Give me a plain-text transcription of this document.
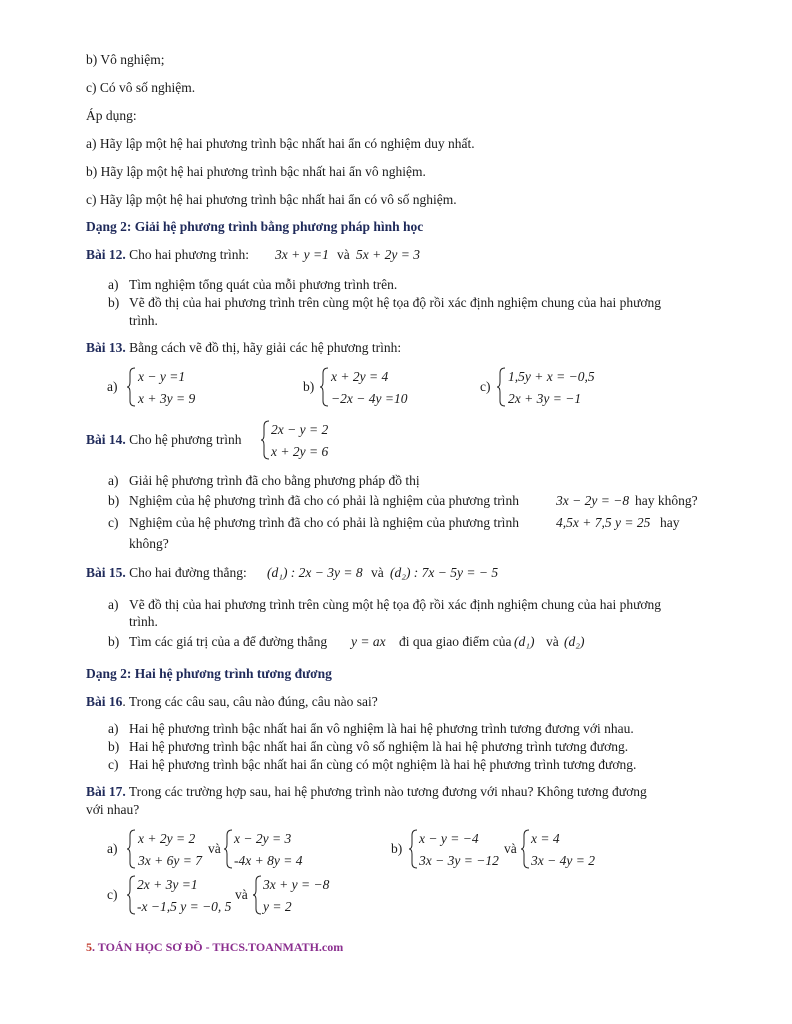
b) Vô nghiệm;
c) Có vô số nghiệm.
Áp dụng:
a) Hãy lập một hệ hai phương trình bậc nhất hai ẩn có nghiệm duy nhất.
b) Hãy lập một hệ hai phương trình bậc nhất hai ẩn vô nghiệm.
c) Hãy lập một hệ hai phương trình bậc nhất hai ẩn có vô số nghiệm.
Dạng 2: Giải hệ phương trình bằng phương pháp hình học
Bài 12. Cho hai phương trình: 3x + y =1 và 5x + 2y = 3
a) Tìm nghiệm tổng quát của mỗi phương trình trên.
b) Vẽ đồ thị của hai phương trình trên cùng một hệ tọa độ rồi xác định nghiệm chung của hai phương
trình.
Bài 13. Bằng cách vẽ đồ thị, hãy giải các hệ phương trình:
a)
x − y =1
x + 3y = 9
b)
x + 2y = 4
−2x − 4y =10
c)
1,5y + x = −0,5
2x + 3y = −1
Bài 14. Cho hệ phương trình
2x − y = 2
x + 2y = 6
a) Giải hệ phương trình đã cho bằng phương pháp đồ thị
b) Nghiệm của hệ phương trình đã cho có phải là nghiệm của phương trình	3x − 2y = −8 hay không?
c) Nghiệm của hệ phương trình đã cho có phải là nghiệm của phương trình	4,5x + 7,5 y = 25 hay
không?
Bài 15. Cho hai đường thẳng: (d₁) : 2x − 3y = 8 và (d₂) : 7x − 5y = − 5
a) Vẽ đồ thị của hai phương trình trên cùng một hệ tọa độ rồi xác định nghiệm chung của hai phương
trình.
b) Tìm các giá trị của a để đường thẳng y = ax đi qua giao điểm của (d₁) và (d₂)
Dạng 2: Hai hệ phương trình tương đương
Bài 16. Trong các câu sau, câu nào đúng, câu nào sai?
a) Hai hệ phương trình bậc nhất hai ẩn vô nghiệm là hai hệ phương trình tương đương với nhau.
b) Hai hệ phương trình bậc nhất hai ẩn cùng vô số nghiệm là hai hệ phương trình tương đương.
c) Hai hệ phương trình bậc nhất hai ẩn cùng có một nghiệm là hai hệ phương trình tương đương.
Bài 17. Trong các trường hợp sau, hai hệ phương trình nào tương đương với nhau? Không tương đương
với nhau?
a)
x + 2y = 2
3x + 6y = 7
và
x − 2y = 3
-4x + 8y = 4
b)
x − y = −4
3x − 3y = −12
và
x = 4
3x − 4y = 2
c)
2x + 3y =1
-x −1,5 y = −0, 5
và
3x + y = −8
y = 2
5. TOÁN HỌC SƠ ĐỒ - THCS.TOANMATH.com
